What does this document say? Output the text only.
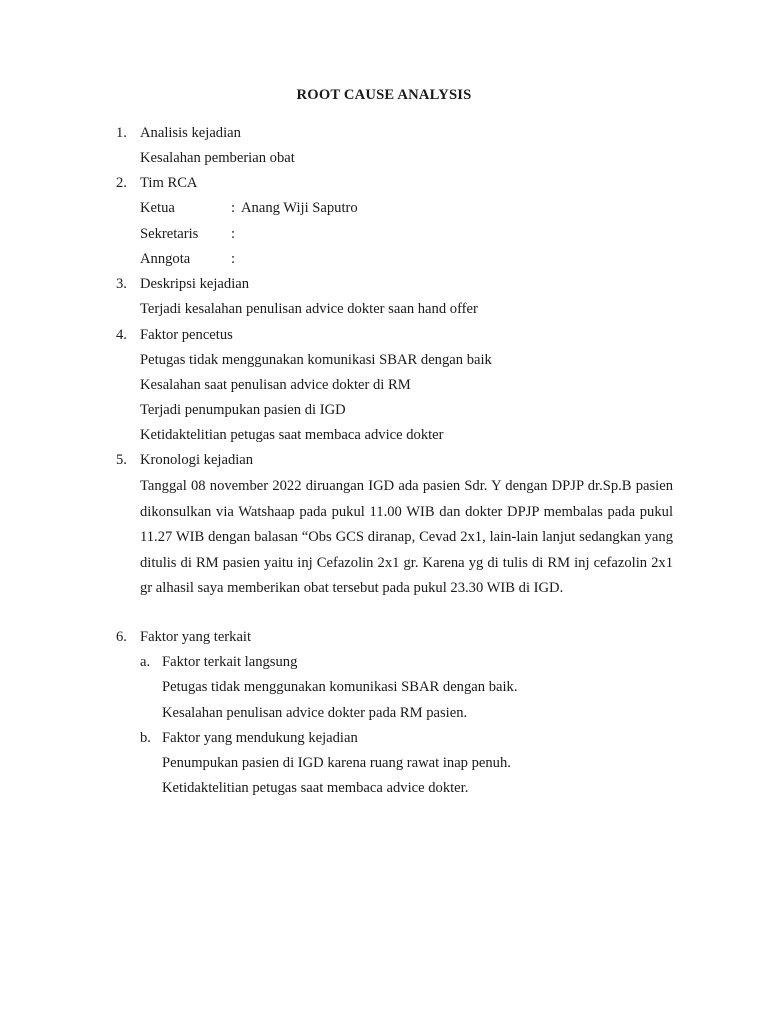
ROOT CAUSE ANALYSIS
1. Analisis kejadian
Kesalahan pemberian obat
2. Tim RCA
Ketua	: Anang Wiji Saputro
Sekretaris :
Anngota	:
3. Deskripsi kejadian
Terjadi kesalahan penulisan advice dokter saan hand offer
4. Faktor pencetus
Petugas tidak menggunakan komunikasi SBAR dengan baik
Kesalahan saat penulisan advice dokter di RM
Terjadi penumpukan pasien di IGD
Ketidaktelitian petugas saat membaca advice dokter
5. Kronologi kejadian

Tanggal 08 november 2022 diruangan IGD ada pasien Sdr. Y dengan DPJP dr.Sp.B pasien dikonsulkan via Watshaap pada pukul 11.00 WIB dan dokter DPJP membalas pada pukul 11.27 WIB dengan balasan “Obs GCS diranap, Cevad 2x1, lain-lain lanjut sedangkan yang ditulis di RM pasien yaitu inj Cefazolin 2x1 gr. Karena yg di tulis di RM inj cefazolin 2x1 gr alhasil saya memberikan obat tersebut pada pukul 23.30 WIB di IGD.

6. Faktor yang terkait
a. Faktor terkait langsung
Petugas tidak menggunakan komunikasi SBAR dengan baik.
Kesalahan penulisan advice dokter pada RM pasien.
b. Faktor yang mendukung kejadian
Penumpukan pasien di IGD karena ruang rawat inap penuh.
Ketidaktelitian petugas saat membaca advice dokter.
